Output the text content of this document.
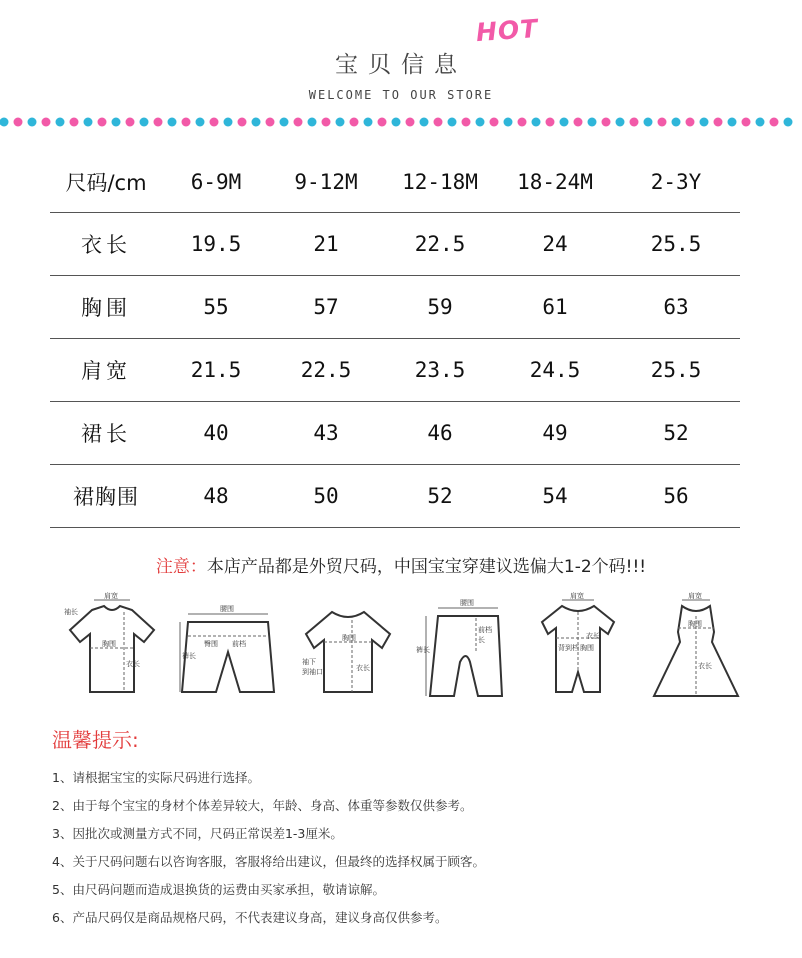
宝贝信息
HOT
WELCOME TO OUR STORE
尺码/cm	6-9M	9-12M	12-18M	18-24M	2-3Y
衣长	19.5	21	22.5	24	25.5
胸围	55	57	59	61	63
肩宽	21.5	22.5	23.5	24.5	25.5
裙长	40	43	46	49	52
裙胸围	48	50	52	54	56
注意：本店产品都是外贸尺码，中国宝宝穿建议选偏大1-2个码!!!
肩宽
胸围
衣长
袖长	腰围
臀围
裤长
前档
胸围
衣长
袖下
到袖口
腰围
裤长
前档
长
肩宽
胸围
衣长
背到档
肩宽
胸围
衣长
温馨提示:
1、请根据宝宝的实际尺码进行选择。
2、由于每个宝宝的身材个体差异较大，年龄、身高、体重等参数仅供参考。
3、因批次或测量方式不同，尺码正常误差1-3厘米。
4、关于尺码问题右以咨询客服，客服将给出建议，但最终的选择权属于顾客。
5、由尺码问题而造成退换货的运费由买家承担，敬请谅解。
6、产品尺码仅是商品规格尺码，不代表建议身高，建议身高仅供参考。
